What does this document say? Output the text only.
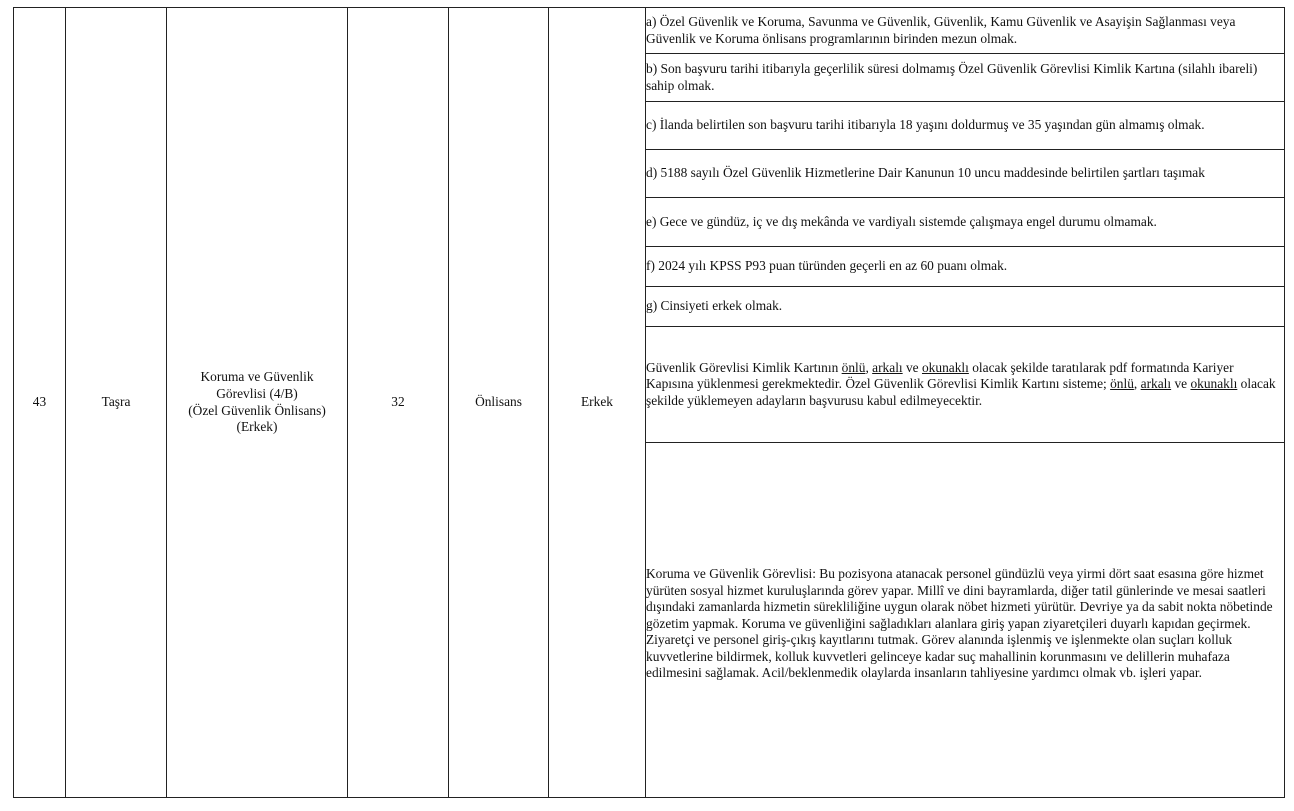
43	Taşra	Koruma ve Güvenlik
Görevlisi (4/B)
(Özel Güvenlik Önlisans)
(Erkek)	32	Önlisans	Erkek	
a) Özel Güvenlik ve Koruma, Savunma ve Güvenlik, Güvenlik, Kamu Güvenlik ve Asayişin Sağlanması veya Güvenlik ve Koruma önlisans programlarının birinden mezun olmak.

b) Son başvuru tarihi itibarıyla geçerlilik süresi dolmamış Özel Güvenlik Görevlisi Kimlik Kartına (silahlı ibareli) sahip olmak.

c) İlanda belirtilen son başvuru tarihi itibarıyla 18 yaşını doldurmuş ve 35 yaşından gün almamış olmak.

d) 5188 sayılı Özel Güvenlik Hizmetlerine Dair Kanunun 10 uncu maddesinde belirtilen şartları taşımak

e) Gece ve gündüz, iç ve dış mekânda ve vardiyalı sistemde çalışmaya engel durumu olmamak.

f) 2024 yılı KPSS P93 puan türünden geçerli en az 60 puanı olmak.

g) Cinsiyeti erkek olmak.

Güvenlik Görevlisi Kimlik Kartının önlü, arkalı ve okunaklı olacak şekilde taratılarak pdf formatında Kariyer Kapısına yüklenmesi gerekmektedir. Özel Güvenlik Görevlisi Kimlik Kartını sisteme; önlü, arkalı ve okunaklı olacak şekilde yüklemeyen adayların başvurusu kabul edilmeyecektir.

Koruma ve Güvenlik Görevlisi: Bu pozisyona atanacak personel gündüzlü veya yirmi dört saat esasına göre hizmet yürüten sosyal hizmet kuruluşlarında görev yapar. Millî ve dini bayramlarda, diğer tatil günlerinde ve mesai saatleri dışındaki zamanlarda hizmetin sürekliliğine uygun olarak nöbet hizmeti yürütür. Devriye ya da sabit nokta nöbetinde gözetim yapmak. Koruma ve güvenliğini sağladıkları alanlara giriş yapan ziyaretçileri duyarlı kapıdan geçirmek. Ziyaretçi ve personel giriş-çıkış kayıtlarını tutmak. Görev alanında işlenmiş ve işlenmekte olan suçları kolluk kuvvetlerine bildirmek, kolluk kuvvetleri gelinceye kadar suç mahallinin korunmasını ve delillerin muhafaza edilmesini sağlamak. Acil/beklenmedik olaylarda insanların tahliyesine yardımcı olmak vb. işleri yapar.
